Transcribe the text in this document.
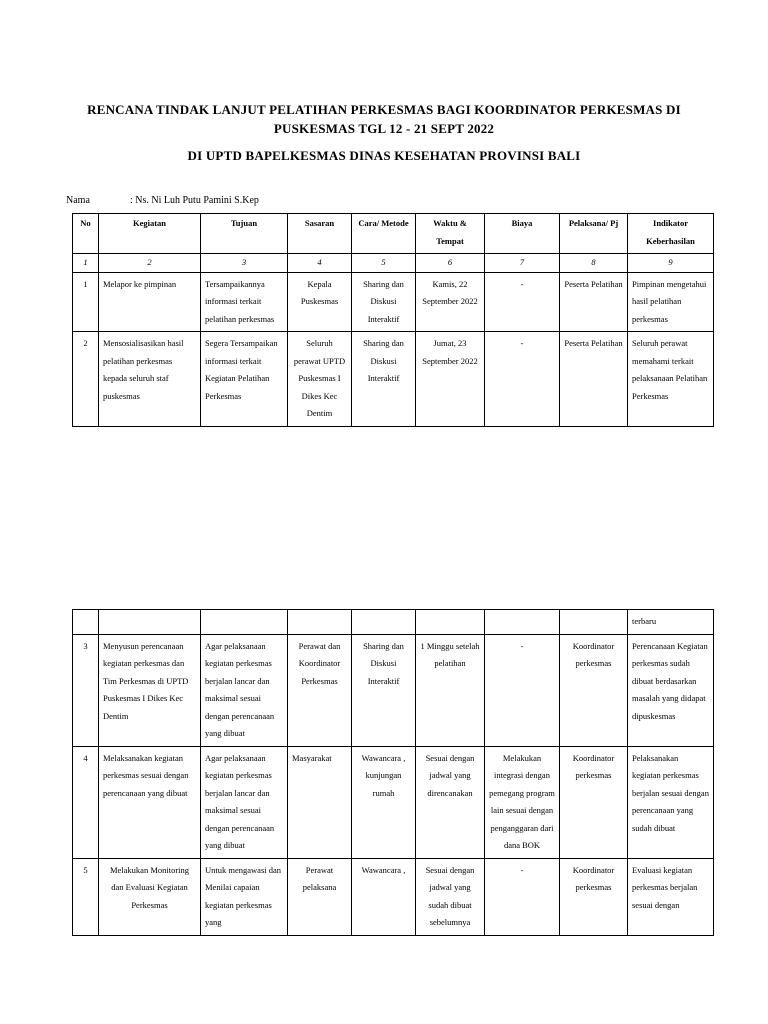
RENCANA TINDAK LANJUT PELATIHAN PERKESMAS BAGI KOORDINATOR PERKESMAS DI
PUSKESMAS TGL 12 - 21 SEPT 2022
DI UPTD BAPELKESMAS DINAS KESEHATAN PROVINSI BALI
Nama	: Ns. Ni Luh Putu Pamini S.Kep
No	Kegiatan	Tujuan	Sasaran	Cara/ Metode	Waktu & Tempat	Biaya	Pelaksana/ Pj	Indikator Keberhasilan
1	2	3	4	5	6	7	8	9
1	Melapor ke pimpinan	Tersampaikannya informasi terkait pelatihan perkesmas	Kepala Puskesmas	Sharing dan Diskusi Interaktif	Kamis, 22 September 2022	-	Peserta Pelatihan	Pimpinan mengetahui hasil pelatihan perkesmas
2	Mensosialisasikan hasil pelatihan perkesmas kepada seluruh staf puskesmas	Segera Tersampaikan informasi terkait Kegiatan Pelatihan Perkesmas	Seluruh perawat UPTD Puskesmas I Dikes Kec Dentim	Sharing dan Diskusi Interaktif	Jumat, 23 September 2022	-	Peserta Pelatihan	Seluruh perawat memahami terkait pelaksanaan Pelatihan Perkesmas
								terbaru
3	Menyusun perencanaan kegiatan perkesmas dan Tim Perkesmas di UPTD Puskesmas I Dikes Kec Dentim	Agar pelaksanaan kegiatan perkesmas berjalan lancar dan maksimal sesuai dengan perencanaan yang dibuat	Perawat dan Koordinator Perkesmas	Sharing dan Diskusi Interaktif	1 Minggu setelah pelatihan	-	Koordinator perkesmas	Perencanaan Kegiatan perkesmas sudah dibuat berdasarkan masalah yang didapat dipuskesmas
4	Melaksanakan kegiatan perkesmas sesuai dengan perencanaan yang dibuat	Agar pelaksanaan kegiatan perkesmas berjalan lancar dan maksimal sesuai dengan perencanaan yang dibuat	Masyarakat	Wawancara , kunjungan rumah	Sesuai dengan jadwal yang direncanakan	Melakukan integrasi dengan pemegang program lain sesuai dengan penganggaran dari dana BOK	Koordinator perkesmas	Pelaksanakan kegiatan perkesmas berjalan sesuai dengan perencanaan yang sudah dibuat
5	Melakukan Monitoring dan Evaluasi Kegiatan Perkesmas	Untuk mengawasi dan Menilai capaian kegiatan perkesmas yang	Perawat pelaksana	Wawancara ,	Sesuai dengan jadwal yang sudah dibuat sebelumnya	-	Koordinator perkesmas	Evaluasi kegiatan perkesmas berjalan sesuai dengan
